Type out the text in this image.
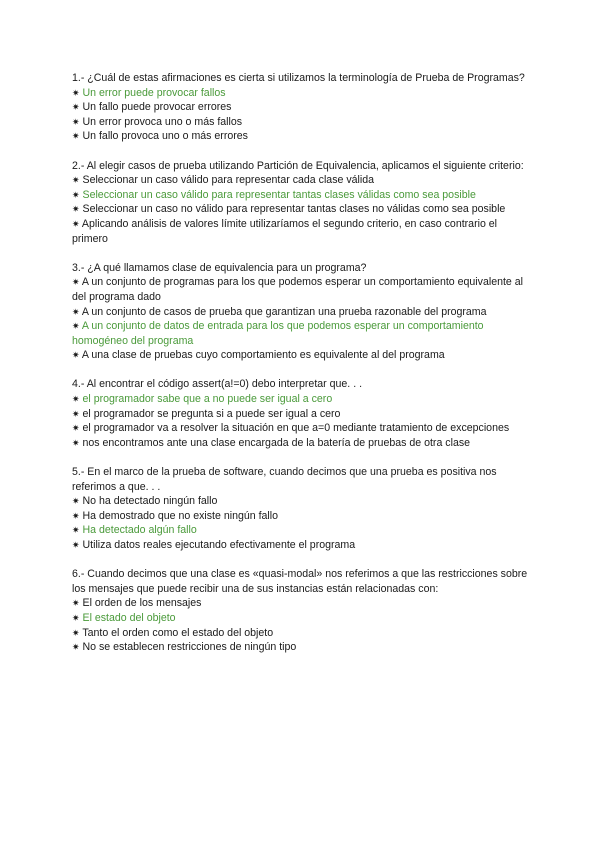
1.- ¿Cuál de estas afirmaciones es cierta si utilizamos la terminología de Prueba de Programas?

✷ Un error puede provocar fallos
✷ Un fallo puede provocar errores
✷ Un error provoca uno o más fallos
✷ Un fallo provoca uno o más errores

2.- Al elegir casos de prueba utilizando Partición de Equivalencia, aplicamos el siguiente criterio:

✷ Seleccionar un caso válido para representar cada clase válida
✷ Seleccionar un caso válido para representar tantas clases válidas como sea posible
✷ Seleccionar un caso no válido para representar tantas clases no válidas como sea posible
✷ Aplicando análisis de valores límite utilizaríamos el segundo criterio, en caso contrario el primero

3.- ¿A qué llamamos clase de equivalencia para un programa?

✷ A un conjunto de programas para los que podemos esperar un comportamiento equivalente al del programa dado
✷ A un conjunto de casos de prueba que garantizan una prueba razonable del programa
✷ A un conjunto de datos de entrada para los que podemos esperar un comportamiento homogéneo del programa
✷ A una clase de pruebas cuyo comportamiento es equivalente al del programa

4.- Al encontrar el código assert(a!=0) debo interpretar que. . .

✷ el programador sabe que a no puede ser igual a cero
✷ el programador se pregunta si a puede ser igual a cero
✷ el programador va a resolver la situación en que a=0 mediante tratamiento de excepciones
✷ nos encontramos ante una clase encargada de la batería de pruebas de otra clase

5.- En el marco de la prueba de software, cuando decimos que una prueba es positiva nos referimos a que. . .

✷ No ha detectado ningún fallo
✷ Ha demostrado que no existe ningún fallo
✷ Ha detectado algún fallo
✷ Utiliza datos reales ejecutando efectivamente el programa

6.- Cuando decimos que una clase es «quasi-modal» nos referimos a que las restricciones sobre los mensajes que puede recibir una de sus instancias están relacionadas con:

✷ El orden de los mensajes
✷ El estado del objeto
✷ Tanto el orden como el estado del objeto
✷ No se establecen restricciones de ningún tipo
